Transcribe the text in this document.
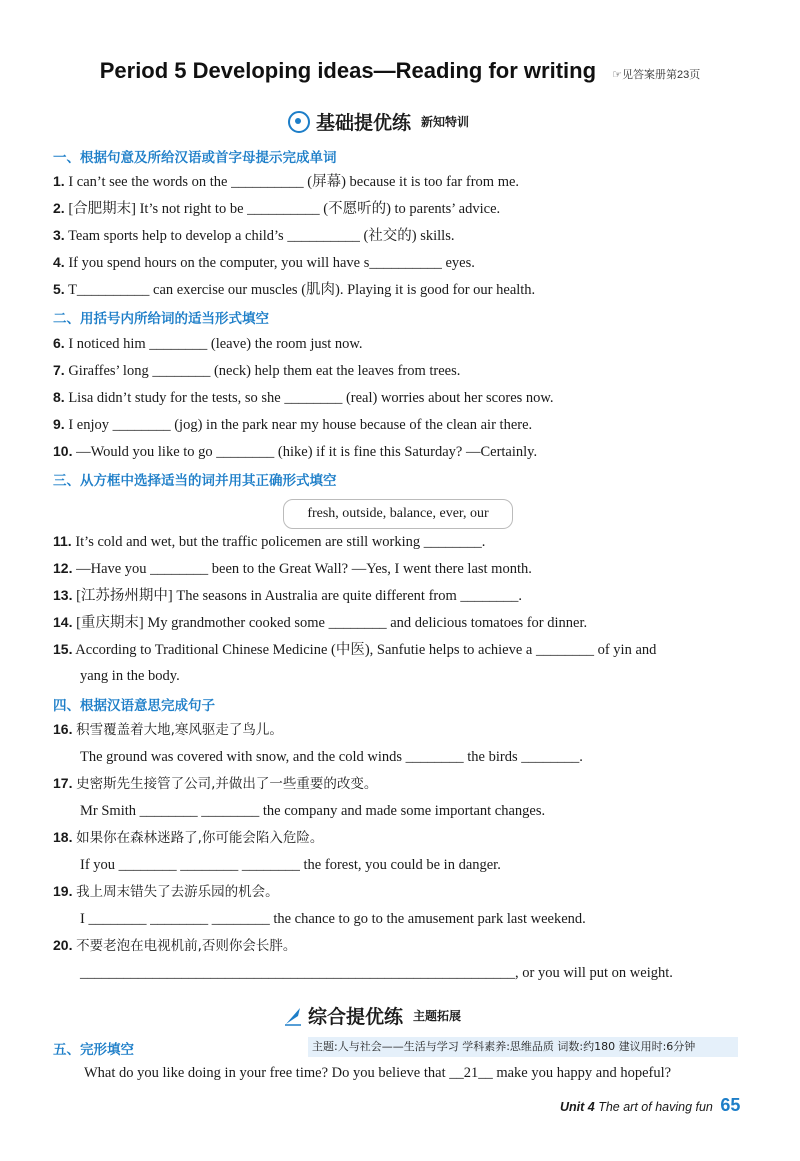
Period 5 Developing ideas—Reading for writing ☞见答案册第23页
基础提优练 新知特训
一、根据句意及所给汉语或首字母提示完成单词
1. I can’t see the words on the __________ (屏幕) because it is too far from me.
2. [合肥期末] It’s not right to be __________ (不愿听的) to parents’ advice.
3. Team sports help to develop a child’s __________ (社交的) skills.
4. If you spend hours on the computer, you will have s__________ eyes.
5. T__________ can exercise our muscles (肌肉). Playing it is good for our health.
二、用括号内所给词的适当形式填空
6. I noticed him ________ (leave) the room just now.
7. Giraffes’ long ________ (neck) help them eat the leaves from trees.
8. Lisa didn’t study for the tests, so she ________ (real) worries about her scores now.
9. I enjoy ________ (jog) in the park near my house because of the clean air there.
10. —Would you like to go ________ (hike) if it is fine this Saturday? —Certainly.
三、从方框中选择适当的词并用其正确形式填空
fresh, outside, balance, ever, our
11. It’s cold and wet, but the traffic policemen are still working ________.
12. —Have you ________ been to the Great Wall? —Yes, I went there last month.
13. [江苏扬州期中] The seasons in Australia are quite different from ________.
14. [重庆期末] My grandmother cooked some ________ and delicious tomatoes for dinner.
15. According to Traditional Chinese Medicine (中医), Sanfutie helps to achieve a ________ of yin and
yang in the body.
四、根据汉语意思完成句子
16. 积雪覆盖着大地,寒风驱走了鸟儿。
The ground was covered with snow, and the cold winds ________ the birds ________.
17. 史密斯先生接管了公司,并做出了一些重要的改变。
Mr Smith ________ ________ the company and made some important changes.
18. 如果你在森林迷路了,你可能会陷入危险。
If you ________ ________ ________ the forest, you could be in danger.
19. 我上周末错失了去游乐园的机会。
I ________ ________ ________ the chance to go to the amusement park last weekend.
20. 不要老泡在电视机前,否则你会长胖。
____________________________________________________________, or you will put on weight.
综合提优练 主题拓展
五、完形填空	主题:人与社会——生活与学习 学科素养:思维品质 词数:约180 建议用时:6分钟
What do you like doing in your free time? Do you believe that __21__ make you happy and hopeful?
Unit 4 The art of having fun 65
